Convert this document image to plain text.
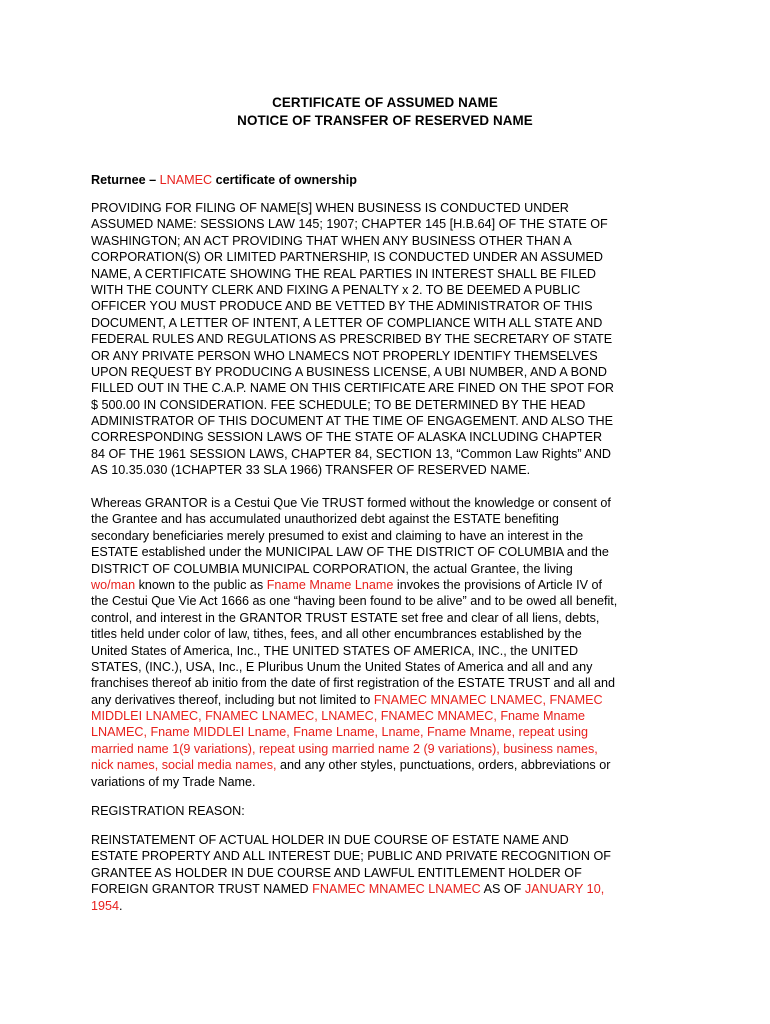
CERTIFICATE OF ASSUMED NAME
NOTICE OF TRANSFER OF RESERVED NAME
Returnee – LNAMEC certificate of ownership
PROVIDING FOR FILING OF NAME[S] WHEN BUSINESS IS CONDUCTED UNDER
ASSUMED NAME: SESSIONS LAW 145; 1907; CHAPTER 145 [H.B.64] OF THE STATE OF
WASHINGTON; AN ACT PROVIDING THAT WHEN ANY BUSINESS OTHER THAN A
CORPORATION(S) OR LIMITED PARTNERSHIP, IS CONDUCTED UNDER AN ASSUMED
NAME, A CERTIFICATE SHOWING THE REAL PARTIES IN INTEREST SHALL BE FILED
WITH THE COUNTY CLERK AND FIXING A PENALTY x 2. TO BE DEEMED A PUBLIC
OFFICER YOU MUST PRODUCE AND BE VETTED BY THE ADMINISTRATOR OF THIS
DOCUMENT, A LETTER OF INTENT, A LETTER OF COMPLIANCE WITH ALL STATE AND
FEDERAL RULES AND REGULATIONS AS PRESCRIBED BY THE SECRETARY OF STATE
OR ANY PRIVATE PERSON WHO LNAMECS NOT PROPERLY IDENTIFY THEMSELVES
UPON REQUEST BY PRODUCING A BUSINESS LICENSE, A UBI NUMBER, AND A BOND
FILLED OUT IN THE C.A.P. NAME ON THIS CERTIFICATE ARE FINED ON THE SPOT FOR
$ 500.00 IN CONSIDERATION. FEE SCHEDULE; TO BE DETERMINED BY THE HEAD
ADMINISTRATOR OF THIS DOCUMENT AT THE TIME OF ENGAGEMENT. AND ALSO THE
CORRESPONDING SESSION LAWS OF THE STATE OF ALASKA INCLUDING CHAPTER
84 OF THE 1961 SESSION LAWS, CHAPTER 84, SECTION 13, “Common Law Rights” AND
AS 10.35.030 (1CHAPTER 33 SLA 1966) TRANSFER OF RESERVED NAME.
Whereas GRANTOR is a Cestui Que Vie TRUST formed without the knowledge or consent of
the Grantee and has accumulated unauthorized debt against the ESTATE benefiting
secondary beneficiaries merely presumed to exist and claiming to have an interest in the
ESTATE established under the MUNICIPAL LAW OF THE DISTRICT OF COLUMBIA and the
DISTRICT OF COLUMBIA MUNICIPAL CORPORATION, the actual Grantee, the living
wo/man known to the public as Fname Mname Lname invokes the provisions of Article IV of
the Cestui Que Vie Act 1666 as one “having been found to be alive” and to be owed all benefit,
control, and interest in the GRANTOR TRUST ESTATE set free and clear of all liens, debts,
titles held under color of law, tithes, fees, and all other encumbrances established by the
United States of America, Inc., THE UNITED STATES OF AMERICA, INC., the UNITED
STATES, (INC.), USA, Inc., E Pluribus Unum the United States of America and all and any
franchises thereof ab initio from the date of first registration of the ESTATE TRUST and all and
any derivatives thereof, including but not limited to FNAMEC MNAMEC LNAMEC, FNAMEC
MIDDLEI LNAMEC, FNAMEC LNAMEC, LNAMEC, FNAMEC MNAMEC, Fname Mname
LNAMEC, Fname MIDDLEI Lname, Fname Lname, Lname, Fname Mname, repeat using
married name 1(9 variations), repeat using married name 2 (9 variations), business names,
nick names, social media names, and any other styles, punctuations, orders, abbreviations or
variations of my Trade Name.
REGISTRATION REASON:
REINSTATEMENT OF ACTUAL HOLDER IN DUE COURSE OF ESTATE NAME AND
ESTATE PROPERTY AND ALL INTEREST DUE; PUBLIC AND PRIVATE RECOGNITION OF
GRANTEE AS HOLDER IN DUE COURSE AND LAWFUL ENTITLEMENT HOLDER OF
FOREIGN GRANTOR TRUST NAMED FNAMEC MNAMEC LNAMEC AS OF JANUARY 10,
1954.
